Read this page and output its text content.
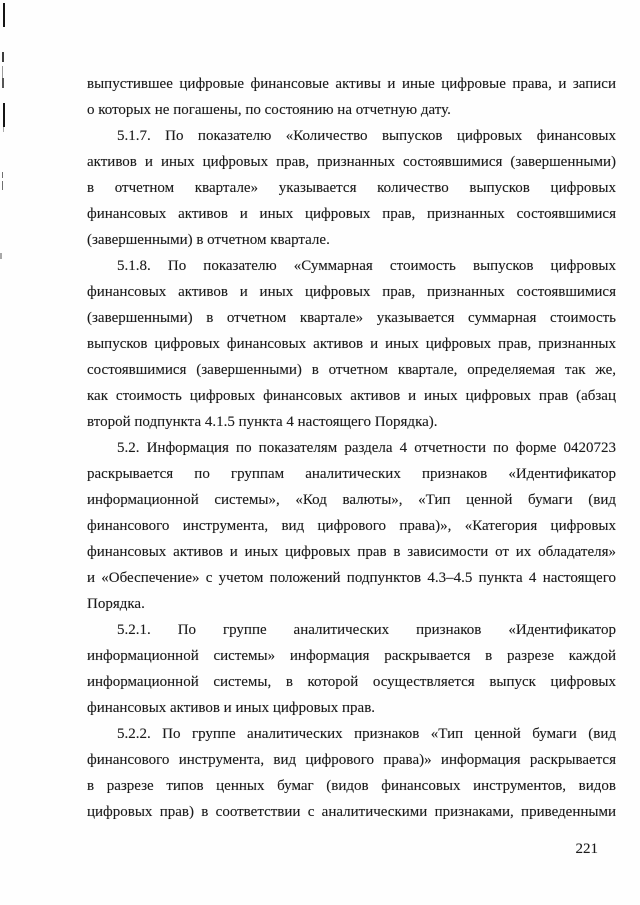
выпустившее цифровые финансовые активы и иные цифровые права, и записи
о которых не погашены, по состоянию на отчетную дату.
5.1.7. По показателю «Количество выпусков цифровых финансовых
активов и иных цифровых прав, признанных состоявшимися (завершенными)
в отчетном квартале» указывается количество выпусков цифровых
финансовых активов и иных цифровых прав, признанных состоявшимися
(завершенными) в отчетном квартале.
5.1.8. По показателю «Суммарная стоимость выпусков цифровых
финансовых активов и иных цифровых прав, признанных состоявшимися
(завершенными) в отчетном квартале» указывается суммарная стоимость
выпусков цифровых финансовых активов и иных цифровых прав, признанных
состоявшимися (завершенными) в отчетном квартале, определяемая так же,
как стоимость цифровых финансовых активов и иных цифровых прав (абзац
второй подпункта 4.1.5 пункта 4 настоящего Порядка).
5.2. Информация по показателям раздела 4 отчетности по форме 0420723
раскрывается по группам аналитических признаков «Идентификатор
информационной системы», «Код валюты», «Тип ценной бумаги (вид
финансового инструмента, вид цифрового права)», «Категория цифровых
финансовых активов и иных цифровых прав в зависимости от их обладателя»
и «Обеспечение» с учетом положений подпунктов 4.3–4.5 пункта 4 настоящего
Порядка.
5.2.1. По группе аналитических признаков «Идентификатор
информационной системы» информация раскрывается в разрезе каждой
информационной системы, в которой осуществляется выпуск цифровых
финансовых активов и иных цифровых прав.
5.2.2. По группе аналитических признаков «Тип ценной бумаги (вид
финансового инструмента, вид цифрового права)» информация раскрывается
в разрезе типов ценных бумаг (видов финансовых инструментов, видов
цифровых прав) в соответствии с аналитическими признаками, приведенными
221
